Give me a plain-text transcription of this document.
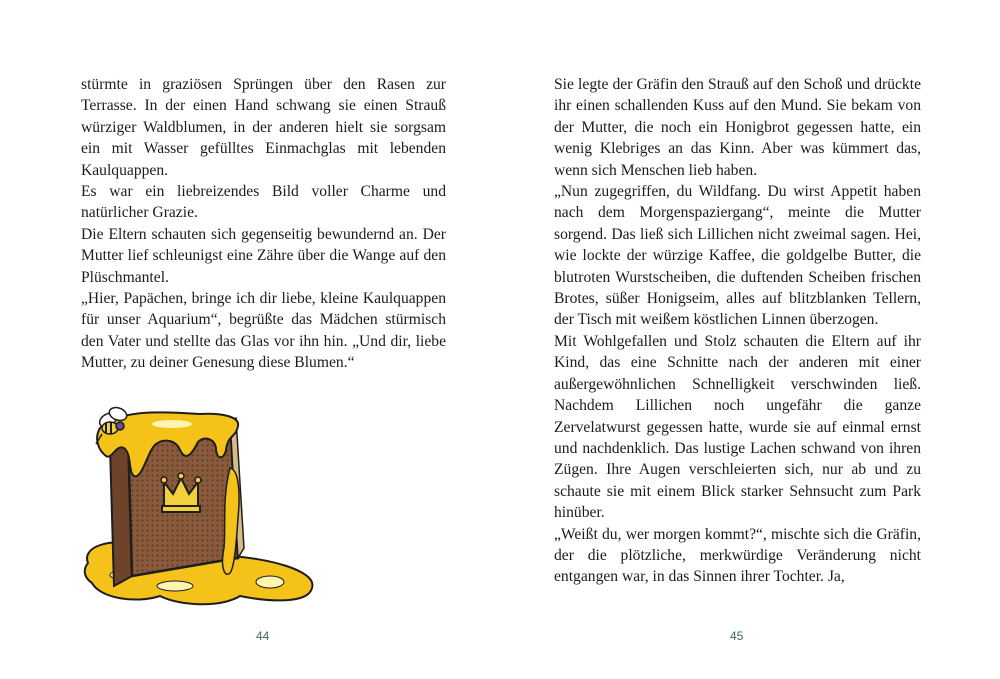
stürmte in graziösen Sprüngen über den Rasen zur Terrasse. In der einen Hand schwang sie einen Strauß würziger Waldblumen, in der anderen hielt sie sorgsam ein mit Wasser gefülltes Einmachglas mit lebenden Kaulquappen.

Es war ein liebreizendes Bild voller Charme und natürlicher Grazie.

Die Eltern schauten sich gegenseitig bewundernd an. Der Mutter lief schleunigst eine Zähre über die Wange auf den Plüschmantel.

„Hier, Papächen, bringe ich dir liebe, kleine Kaulquappen für unser Aquarium“, begrüßte das Mädchen stürmisch den Vater und stellte das Glas vor ihn hin. „Und dir, liebe Mutter, zu deiner Genesung diese Blumen.“

44

Sie legte der Gräfin den Strauß auf den Schoß und drückte ihr einen schallenden Kuss auf den Mund. Sie bekam von der Mutter, die noch ein Honigbrot gegessen hatte, ein wenig Klebriges an das Kinn. Aber was kümmert das, wenn sich Menschen lieb haben.

„Nun zugegriffen, du Wildfang. Du wirst Appetit haben nach dem Morgenspaziergang“, meinte die Mutter sorgend. Das ließ sich Lillichen nicht zweimal sagen. Hei, wie lockte der würzige Kaffee, die goldgelbe Butter, die blutroten Wurstscheiben, die duftenden Scheiben frischen Brotes, süßer Honigseim, alles auf blitzblanken Tellern, der Tisch mit weißem köstlichen Linnen überzogen.

Mit Wohlgefallen und Stolz schauten die Eltern auf ihr Kind, das eine Schnitte nach der anderen mit einer außergewöhnlichen Schnelligkeit verschwinden ließ. Nachdem Lillichen noch ungefähr die ganze Zervelatwurst gegessen hatte, wurde sie auf einmal ernst und nachdenklich. Das lustige Lachen schwand von ihren Zügen. Ihre Augen verschleierten sich, nur ab und zu schaute sie mit einem Blick starker Sehnsucht zum Park hinüber.

„Weißt du, wer morgen kommt?“, mischte sich die Gräfin, der die plötzliche, merkwürdige Veränderung nicht entgangen war, in das Sinnen ihrer Tochter. Ja,

45
